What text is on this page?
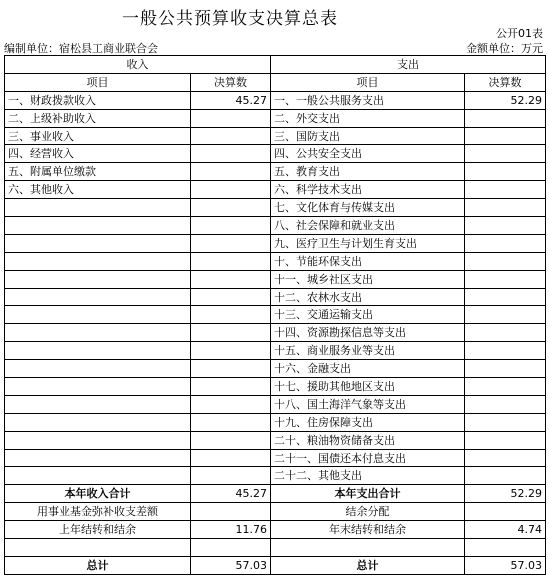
一般公共预算收支决算总表
公开01表
编制单位：宿松县工商业联合会	金额单位：万元
收入		支出	
项目	决算数	项目	决算数
一、财政拨款收入	45.27	一、一般公共服务支出	52.29
二、上级补助收入		二、外交支出	
三、事业收入		三、国防支出	
四、经营收入		四、公共安全支出	
五、附属单位缴款		五、教育支出	
六、其他收入		六、科学技术支出	
		七、文化体育与传媒支出	
		八、社会保障和就业支出	
		九、医疗卫生与计划生育支出	
		十、节能环保支出	
		十一、城乡社区支出	
		十二、农林水支出	
		十三、交通运输支出	
		十四、资源勘探信息等支出	
		十五、商业服务业等支出	
		十六、金融支出	
		十七、援助其他地区支出	
		十八、国土海洋气象等支出	
		十九、住房保障支出	
		二十、粮油物资储备支出	
		二十一、国债还本付息支出	
		二十二、其他支出	
本年收入合计	45.27	本年支出合计	52.29
用事业基金弥补收支差额		结余分配	
上年结转和结余	11.76	年末结转和结余	4.74

总计	57.03	总计	57.03
